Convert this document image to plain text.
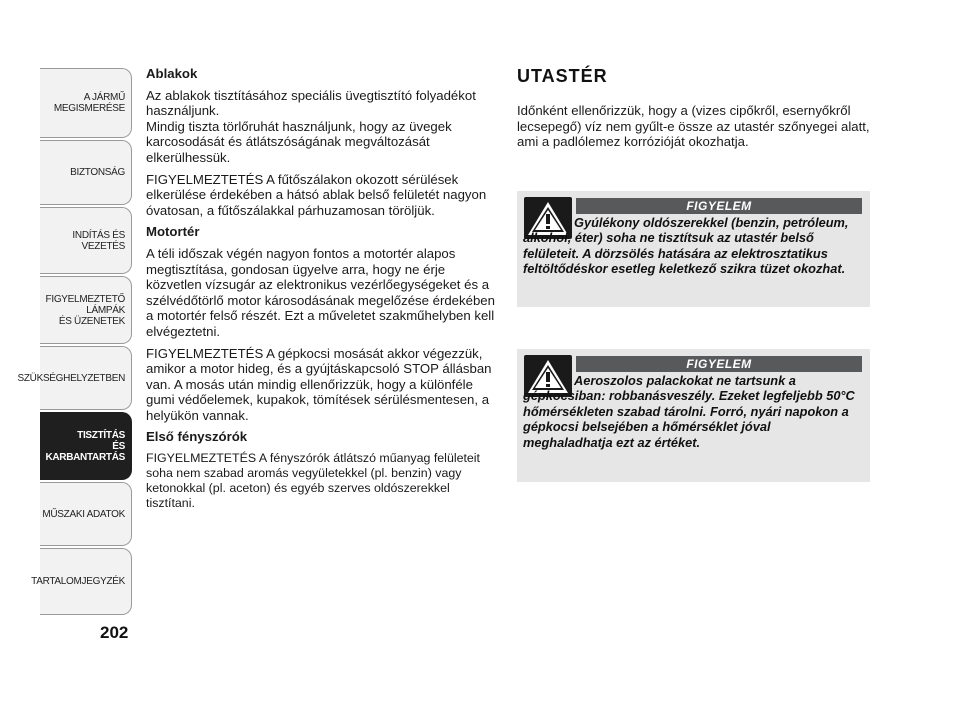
A JÁRMŰ
MEGISMERÉSE
BIZTONSÁG
INDÍTÁS ÉS VEZETÉS
FIGYELMEZTETŐ
LÁMPÁK
ÉS ÜZENETEK
SZÜKSÉGHELYZETBEN
TISZTÍTÁS
ÉS KARBANTARTÁS
MŰSZAKI ADATOK
TARTALOMJEGYZÉK
202
Ablakok
Az ablakok tisztításához speciális üvegtisztító folyadékot használjunk.
Mindig tiszta törlőruhát használjunk, hogy az üvegek karcosodását és átlátszóságának megváltozását elkerülhessük.
FIGYELMEZTETÉS A fűtőszálakon okozott sérülések elkerülése érdekében a hátsó ablak belső felületét nagyon óvatosan, a fűtőszálakkal párhuzamosan töröljük.
Motortér
A téli időszak végén nagyon fontos a motortér alapos megtisztítása, gondosan ügyelve arra, hogy ne érje közvetlen vízsugár az elektronikus vezérlőegységeket és a szélvédőtörlő motor károsodásának megelőzése érdekében a motortér felső részét. Ezt a műveletet szakműhelyben kell elvégeztetni.
FIGYELMEZTETÉS A gépkocsi mosását akkor végezzük, amikor a motor hideg, és a gyújtáskapcsoló STOP állásban van. A mosás után mindig ellenőrizzük, hogy a különféle gumi védőelemek, kupakok, tömítések sérülésmentesen, a helyükön vannak.
Első fényszórók
FIGYELMEZTETÉS A fényszórók átlátszó műanyag felületeit soha nem szabad aromás vegyületekkel (pl. benzin) vagy ketonokkal (pl. aceton) és egyéb szerves oldószerekkel tisztítani.
UTASTÉR
Időnként ellenőrizzük, hogy a (vizes cipőkről, esernyőkről lecsepegő) víz nem gyűlt-e össze az utastér szőnyegei alatt, ami a padlólemez korrózióját okozhatja.
FIGYELEM
Gyúlékony oldószerekkel (benzin, petróleum, alkohol, éter) soha ne tisztítsuk az utastér belső felületeit. A dörzsölés hatására az elektrosztatikus feltöltődéskor esetleg keletkező szikra tüzet okozhat.
FIGYELEM
Aeroszolos palackokat ne tartsunk a gépkocsiban: robbanásveszély. Ezeket legfeljebb 50°C hőmérsékleten szabad tárolni. Forró, nyári napokon a gépkocsi belsejében a hőmérséklet jóval meghaladhatja ezt az értéket.
